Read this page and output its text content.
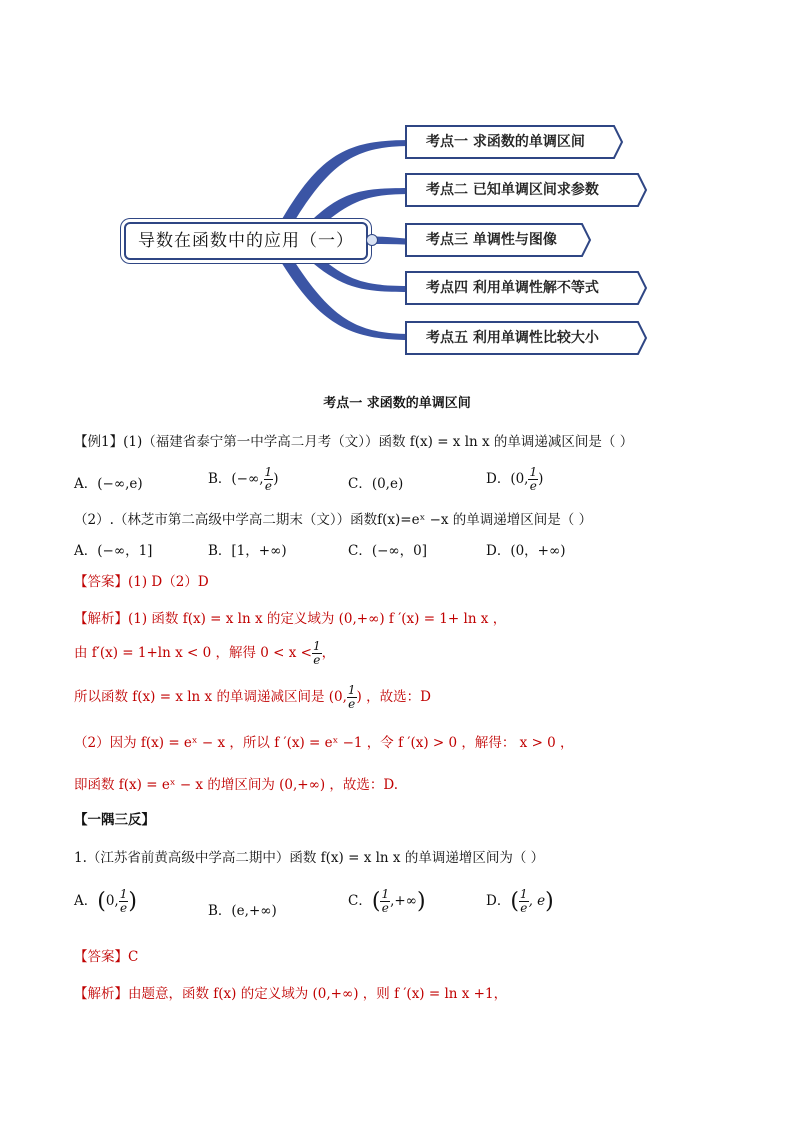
导数在函数中的应用（一）
考点一 求函数的单调区间
考点二 已知单调区间求参数
考点三 单调性与图像
考点四 利用单调性解不等式
考点五 利用单调性比较大小
考点一 求函数的单调区间
【例1】(1)（福建省泰宁第一中学高二月考（文））函数 f(x) = x ln x 的单调递减区间是（ ）
A．(−∞,e)	B．(−∞, $\frac{1}{e}$ )	C．(0,e)	D．(0, $\frac{1}{e}$ )
（2）.（林芝市第二高级中学高二期末（文））函数f(x)=eˣ −x 的单调递增区间是（ ）
A．(−∞，1]	B．[1，+∞)	C．(−∞，0]	D．(0，+∞)
【答案】(1) D（2）D
【解析】(1) 函数 f(x) = x ln x 的定义域为 (0,+∞) f ′(x) = 1+ ln x ，
由 f′(x) = 1+ln x < 0 ，解得 $0 < x < \frac{1}{e}$ ，
所以函数 f(x) = x ln x 的单调递减区间是 (0, $\frac{1}{e}$ ) ，故选：D
（2）因为 f(x) = eˣ − x ，所以 f ′(x) = eˣ −1 ，令 f ′(x) > 0 ，解得： x > 0 ，
即函数 f(x) = eˣ − x 的增区间为 (0,+∞) ，故选：D.
【一隅三反】
1.（江苏省前黄高级中学高二期中）函数 f(x) = x ln x 的单调递增区间为（ ）
A．(0, $\frac{1}{e}$ )	B．(e,+∞)
C．( $\frac{1}{e}$ ,+∞)	D．( $\frac{1}{e}$ , e)
【答案】C
【解析】由题意，函数 f(x) 的定义域为 (0,+∞) ，则 f ′(x) = ln x +1，
